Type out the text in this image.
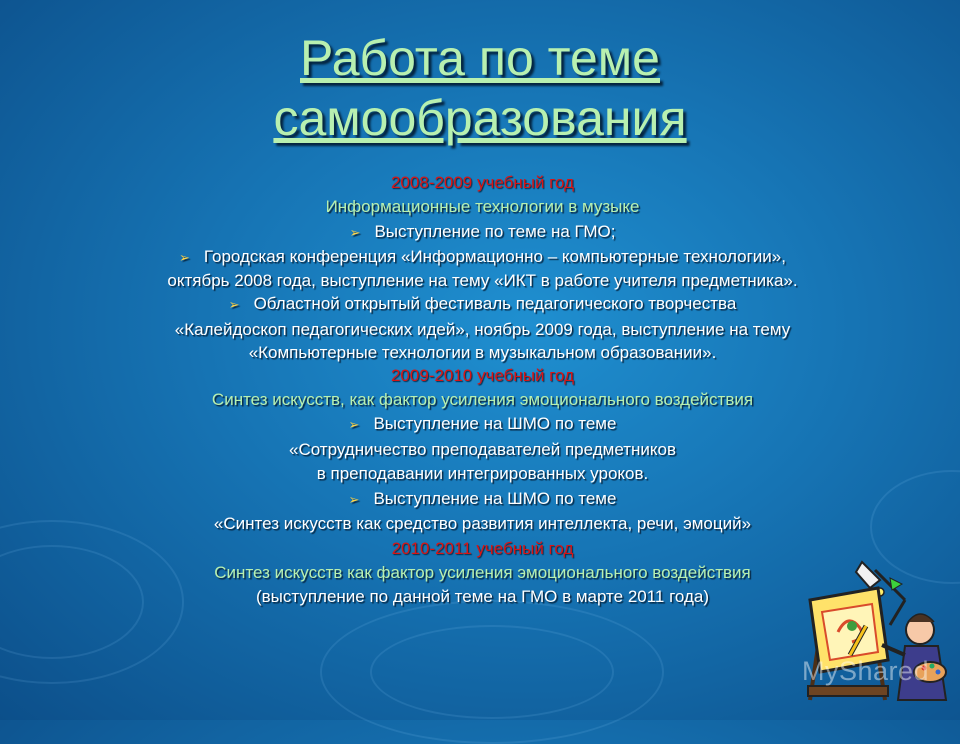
Работа по теме
самообразования
2008-2009 учебный год
Информационные технологии в музыке
➢ Выступление по теме на ГМО;
➢ Городская конференция «Информационно – компьютерные технологии»,
октябрь 2008 года, выступление на тему «ИКТ в работе учителя предметника».
➢ Областной открытый фестиваль педагогического творчества
«Калейдоскоп педагогических идей», ноябрь 2009 года, выступление на тему
«Компьютерные технологии в музыкальном образовании».
2009-2010 учебный год
Синтез искусств, как фактор усиления эмоционального воздействия
➢ Выступление на ШМО по теме
«Сотрудничество преподавателей предметников
в преподавании интегрированных уроков.
➢ Выступление на ШМО по теме
«Синтез искусств как средство развития интеллекта, речи, эмоций»
2010-2011 учебный год
Синтез искусств как фактор усиления эмоционального воздействия
(выступление по данной теме на ГМО в марте 2011 года)
MyShared
